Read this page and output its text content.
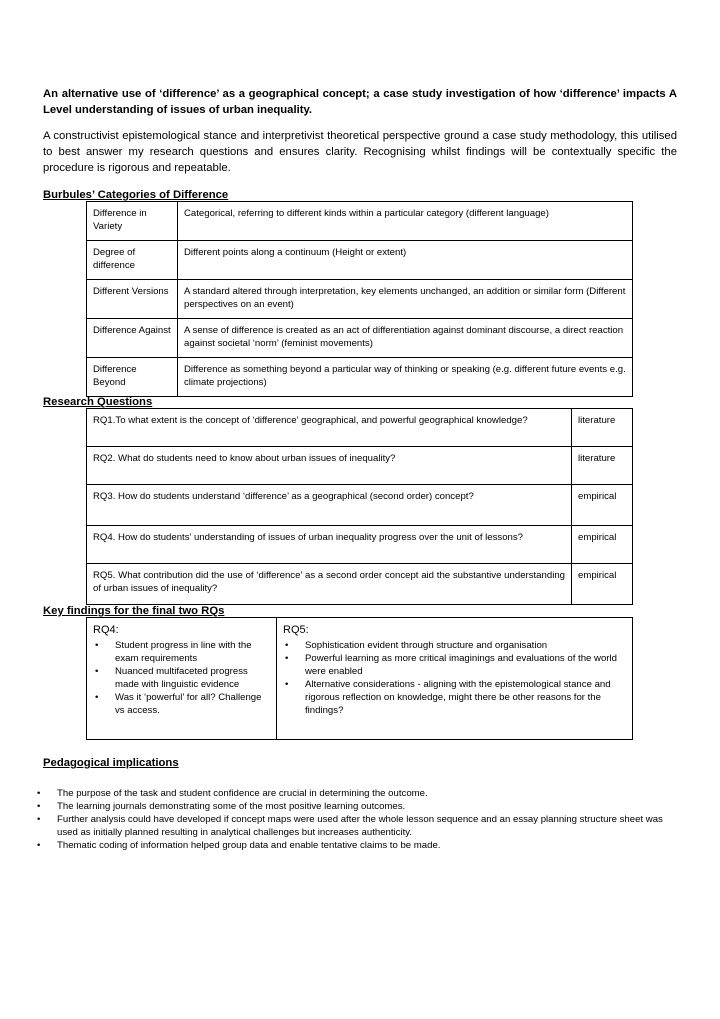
An alternative use of ‘difference’ as a geographical concept; a case study investigation of how ‘difference’ impacts A Level understanding of issues of urban inequality.
A constructivist epistemological stance and interpretivist theoretical perspective ground a case study methodology, this utilised to best answer my research questions and ensures clarity. Recognising whilst findings will be contextually specific the procedure is rigorous and repeatable.
Burbules’ Categories of Difference
Difference in Variety	Categorical, referring to different kinds within a particular category (different language)
Degree of difference	Different points along a continuum (Height or extent)
Different Versions	A standard altered through interpretation, key elements unchanged, an addition or similar form (Different perspectives on an event)
Difference Against	A sense of difference is created as an act of differentiation against dominant discourse, a direct reaction against societal ‘norm’ (feminist movements)
Difference Beyond	Difference as something beyond a particular way of thinking or speaking (e.g. different future events e.g. climate projections)
Research Questions
RQ1.To what extent is the concept of ‘difference’ geographical, and powerful geographical knowledge?	literature
RQ2. What do students need to know about urban issues of inequality?	literature
RQ3. How do students understand ‘difference’ as a geographical (second order) concept?	empirical
RQ4. How do students’ understanding of issues of urban inequality progress over the unit of lessons?	empirical
RQ5. What contribution did the use of ‘difference’ as a second order concept aid the substantive understanding of urban issues of inequality?	empirical
Key findings for the final two RQs
RQ4:
• Student progress in line with the exam requirements
• Nuanced multifaceted progress made with linguistic evidence
• Was it ‘powerful’ for all? Challenge vs access.

RQ5:
• Sophistication evident through structure and organisation
• Powerful learning as more critical imaginings and evaluations of the world were enabled
• Alternative considerations - aligning with the epistemological stance and rigorous reflection on knowledge, might there be other reasons for the findings?
Pedagogical implications
• The purpose of the task and student confidence are crucial in determining the outcome.
• The learning journals demonstrating some of the most positive learning outcomes.
• Further analysis could have developed if concept maps were used after the whole lesson sequence and an essay planning structure sheet was used as initially planned resulting in analytical challenges but increases authenticity.
• Thematic coding of information helped group data and enable tentative claims to be made.
